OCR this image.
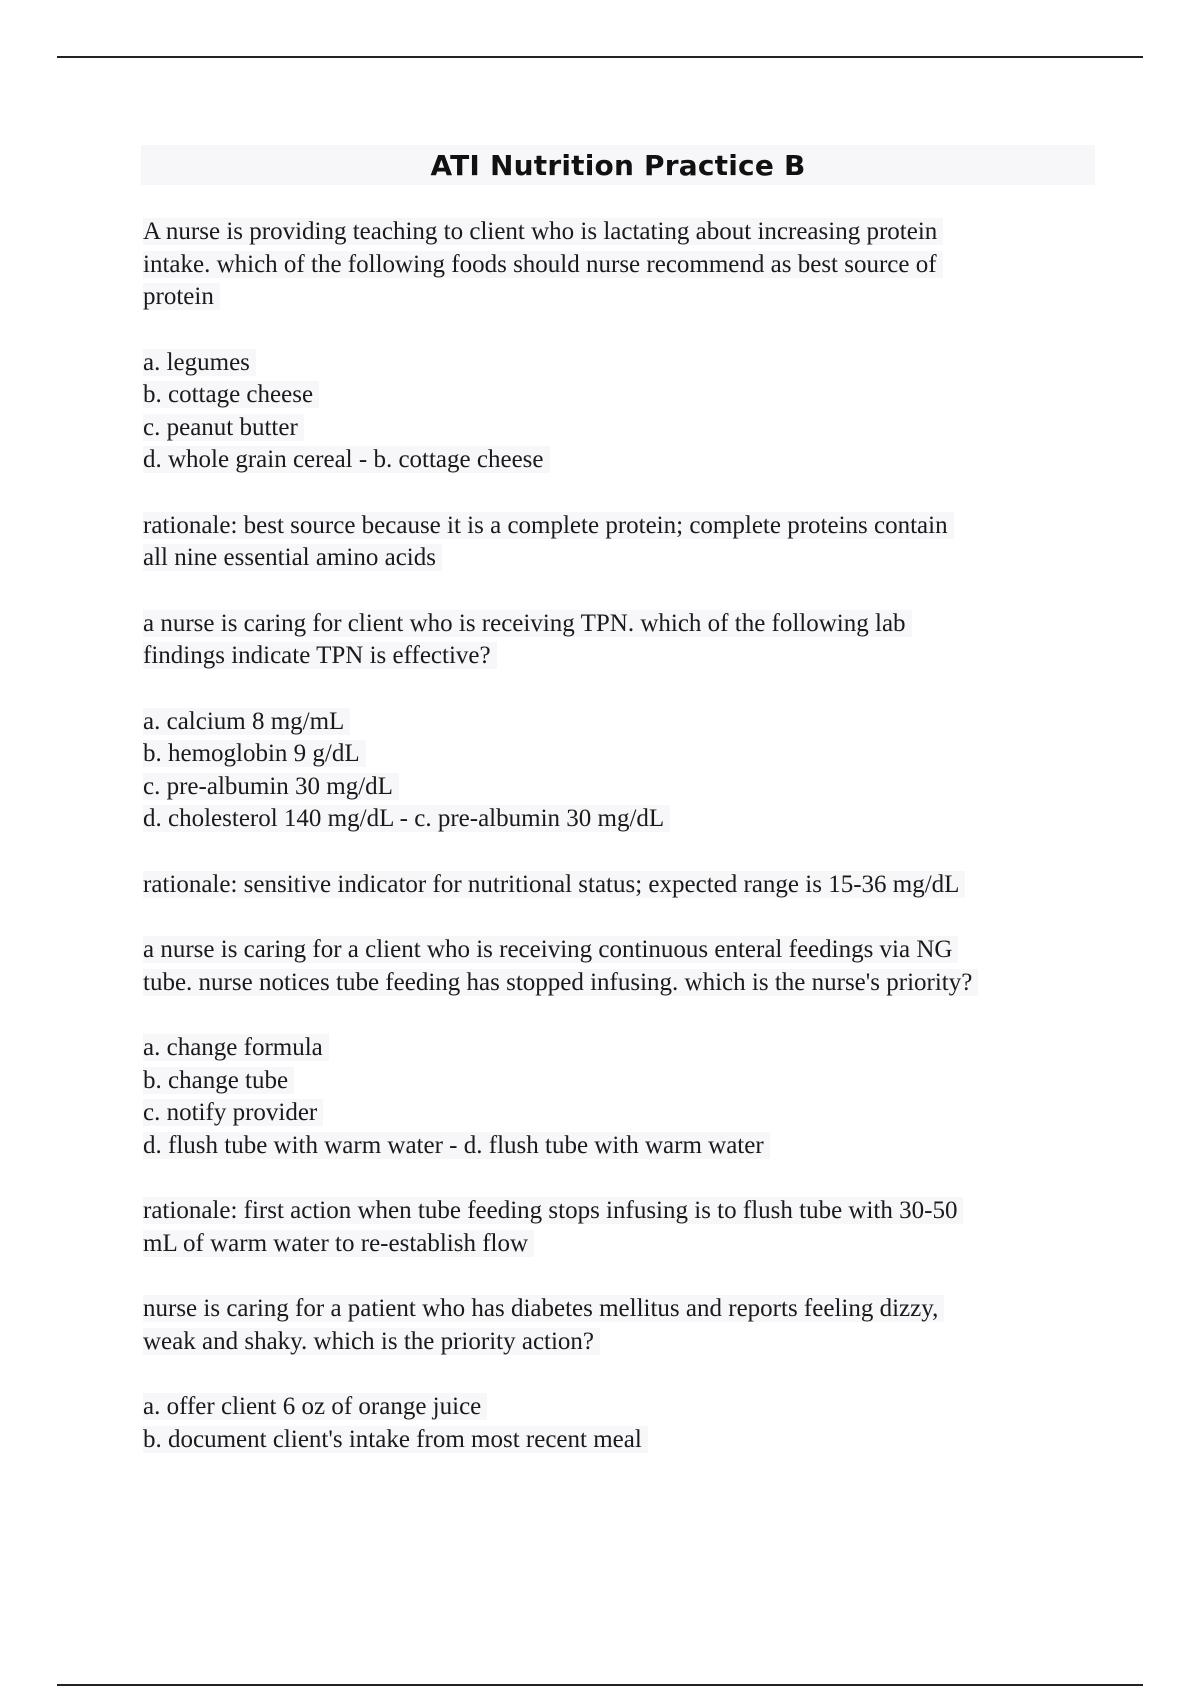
ATI Nutrition Practice B
A nurse is providing teaching to client who is lactating about increasing protein
intake. which of the following foods should nurse recommend as best source of
protein
a. legumes
b. cottage cheese
c. peanut butter
d. whole grain cereal - b. cottage cheese
rationale: best source because it is a complete protein; complete proteins contain
all nine essential amino acids
a nurse is caring for client who is receiving TPN. which of the following lab
findings indicate TPN is effective?
a. calcium 8 mg/mL
b. hemoglobin 9 g/dL
c. pre-albumin 30 mg/dL
d. cholesterol 140 mg/dL - c. pre-albumin 30 mg/dL
rationale: sensitive indicator for nutritional status; expected range is 15-36 mg/dL
a nurse is caring for a client who is receiving continuous enteral feedings via NG
tube. nurse notices tube feeding has stopped infusing. which is the nurse's priority?
a. change formula
b. change tube
c. notify provider
d. flush tube with warm water - d. flush tube with warm water
rationale: first action when tube feeding stops infusing is to flush tube with 30-50
mL of warm water to re-establish flow
nurse is caring for a patient who has diabetes mellitus and reports feeling dizzy,
weak and shaky. which is the priority action?
a. offer client 6 oz of orange juice
b. document client's intake from most recent meal
